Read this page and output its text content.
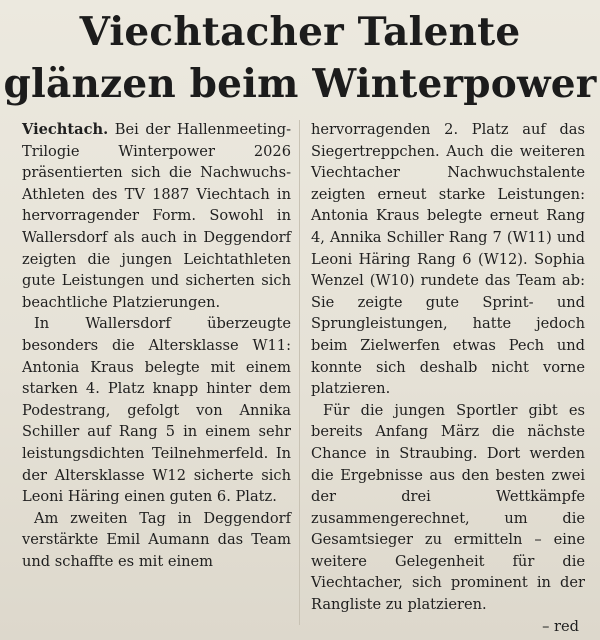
Viechtacher Talente
glänzen beim Winterpower

Viechtach. Bei der Hallenmeeting-Trilogie Winterpower 2026 präsentierten sich die Nachwuchs-Athleten des TV 1887 Viechtach in hervorragender Form. Sowohl in Wallersdorf als auch in Deggendorf zeigten die jungen Leichtathleten gute Leistungen und sicherten sich beachtliche Platzierungen.

In Wallersdorf überzeugte besonders die Altersklasse W11: Antonia Kraus belegte mit einem starken 4. Platz knapp hinter dem Podestrang, gefolgt von Annika Schiller auf Rang 5 in einem sehr leistungsdichten Teilnehmerfeld. In der Altersklasse W12 sicherte sich Leoni Häring einen guten 6. Platz.

Am zweiten Tag in Deggendorf verstärkte Emil Aumann das Team und schaffte es mit einem

hervorragenden 2. Platz auf das Siegertreppchen. Auch die weiteren Viechtacher Nachwuchstalente zeigten erneut starke Leistungen: Antonia Kraus belegte erneut Rang 4, Annika Schiller Rang 7 (W11) und Leoni Häring Rang 6 (W12). Sophia Wenzel (W10) rundete das Team ab: Sie zeigte gute Sprint- und Sprungleistungen, hatte jedoch beim Zielwerfen etwas Pech und konnte sich deshalb nicht vorne platzieren.

Für die jungen Sportler gibt es bereits Anfang März die nächste Chance in Straubing. Dort werden die Ergebnisse aus den besten zwei der drei Wettkämpfe zusammengerechnet, um die Gesamtsieger zu ermitteln – eine weitere Gelegenheit für die Viechtacher, sich prominent in der Rangliste zu platzieren.

– red
